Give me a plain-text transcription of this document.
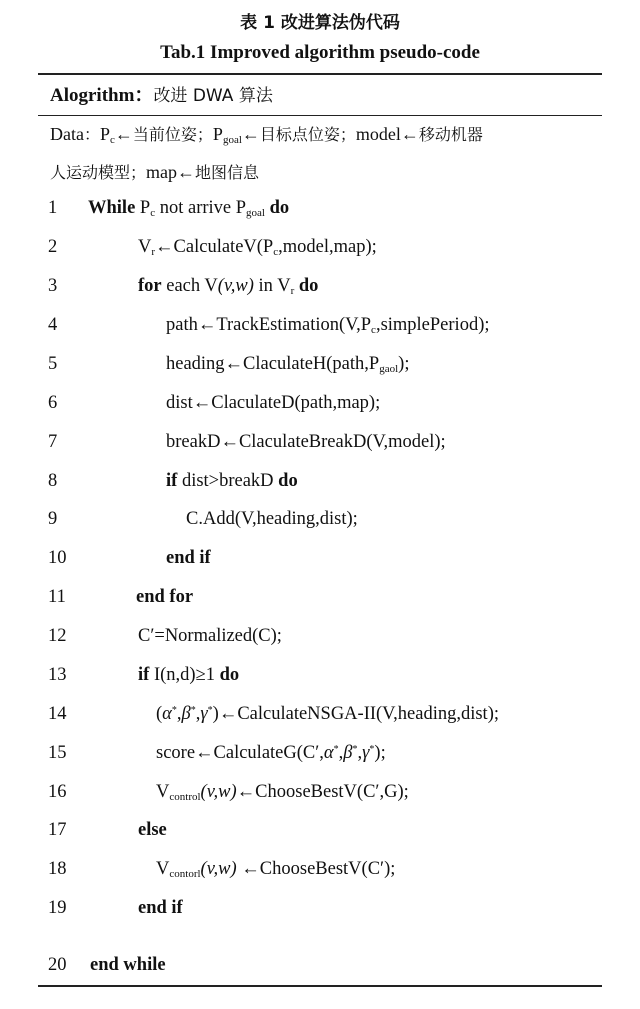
表 1 改进算法伪代码
Tab.1 Improved algorithm pseudo-code
Alogrithm：改进 DWA 算法
Data：$P_c\leftarrow$当前位姿；$P_{goal}\leftarrow$目标点位姿；model←移动机器
人运动模型；map←地图信息
1 While $P_c$ not arrive $P_{goal}$ do
2	$V_r\leftarrow CalculateV(P_c,model,map)$;
3	for each V(v,w) in $V_r$ do
4	$path\leftarrow TrackEstimation(V,P_c,simplePeriod)$;
5	$heading\leftarrow ClaculateH(path,P_{gaol})$;
6	dist←ClaculateD(path,map);
7	breakD←ClaculateBreakD(V,model);
8	if dist>breakD do
9	C.Add(V,heading,dist);
10	end if
11	end for
12	C′=Normalized(C);
13	if I(n,d)≥1 do
14	(α*,β*,γ*)←CalculateNSGA-II(V,heading,dist);
15	score←CalculateG(C′,α*,β*,γ*);
16	$V_{control}(v,w)\leftarrow ChooseBestV(C',G)$;
17	else
18	$V_{contorl}(v,w)$ ←ChooseBestV(C′);
19	end if
20 end while
